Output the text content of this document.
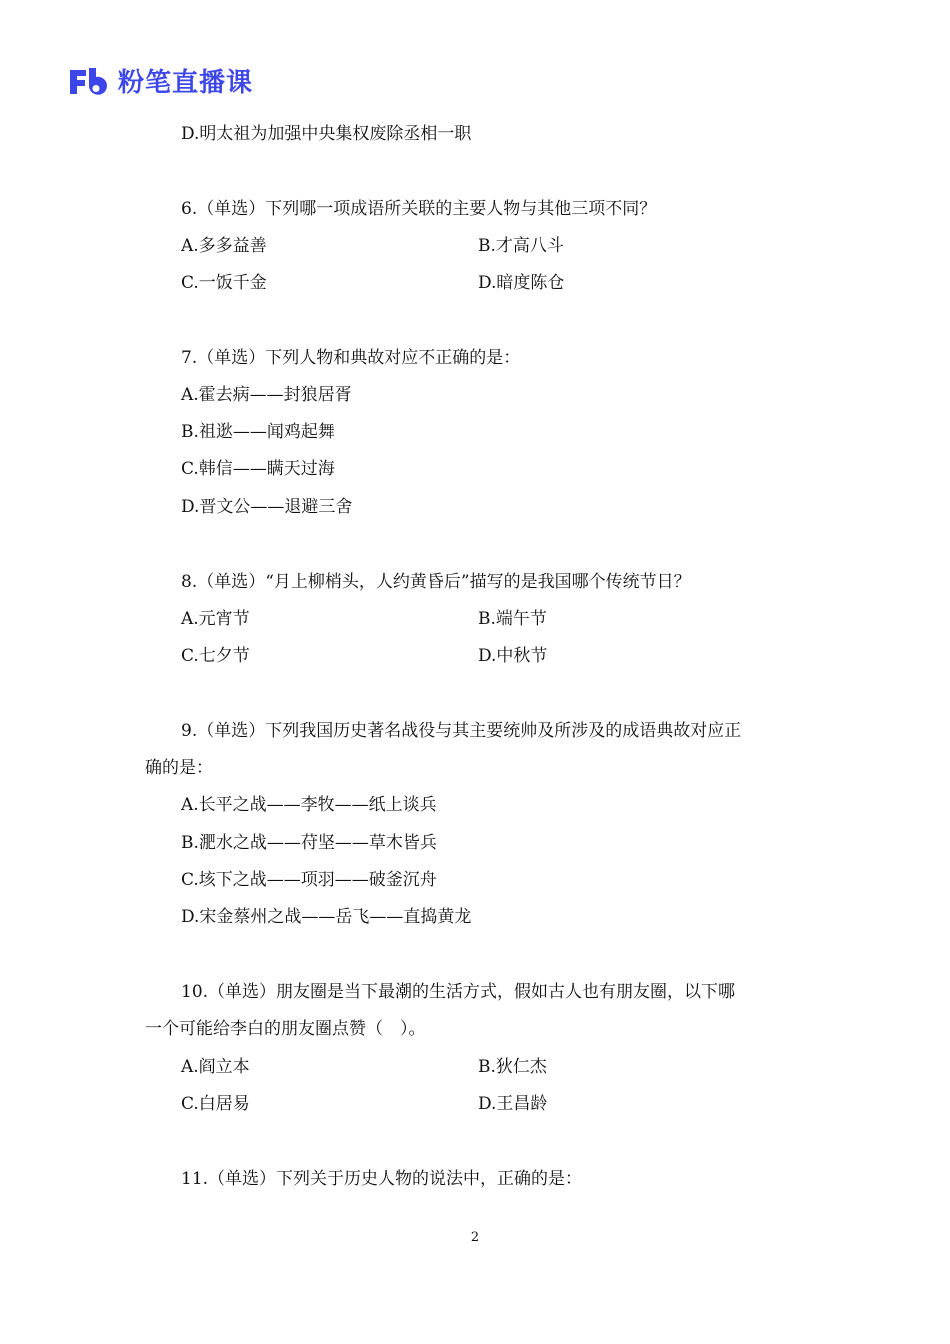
粉笔直播课
D.明太祖为加强中央集权废除丞相一职
6.（单选）下列哪一项成语所关联的主要人物与其他三项不同？
A.多多益善	B.才高八斗
C.一饭千金	D.暗度陈仓
7.（单选）下列人物和典故对应不正确的是：
A.霍去病——封狼居胥
B.祖逖——闻鸡起舞
C.韩信——瞒天过海
D.晋文公——退避三舍
8.（单选）“月上柳梢头，人约黄昏后”描写的是我国哪个传统节日？
A.元宵节	B.端午节
C.七夕节	D.中秋节
9.（单选）下列我国历史著名战役与其主要统帅及所涉及的成语典故对应正
确的是：
A.长平之战——李牧——纸上谈兵
B.淝水之战——苻坚——草木皆兵
C.垓下之战——项羽——破釜沉舟
D.宋金蔡州之战——岳飞——直捣黄龙
10.（单选）朋友圈是当下最潮的生活方式，假如古人也有朋友圈，以下哪
一个可能给李白的朋友圈点赞（　）。
A.阎立本	B.狄仁杰
C.白居易	D.王昌龄
11.（单选）下列关于历史人物的说法中，正确的是：
2
